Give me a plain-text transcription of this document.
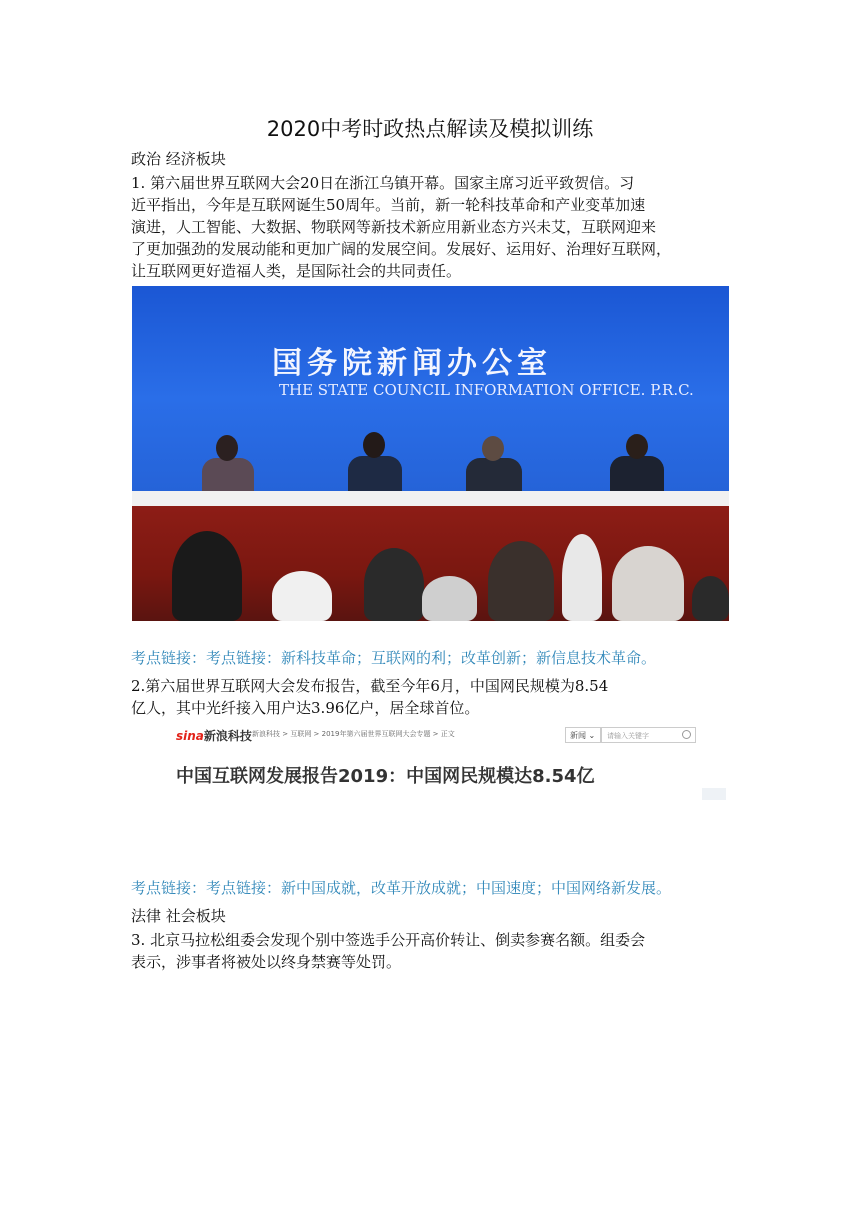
2020中考时政热点解读及模拟训练
政治 经济板块
1. 第六届世界互联网大会20日在浙江乌镇开幕。国家主席习近平致贺信。习
近平指出，今年是互联网诞生50周年。当前，新一轮科技革命和产业变革加速
演进，人工智能、大数据、物联网等新技术新应用新业态方兴未艾，互联网迎来
了更加强劲的发展动能和更加广阔的发展空间。发展好、运用好、治理好互联网，
让互联网更好造福人类，是国际社会的共同责任。
国务院新闻办公室
THE STATE COUNCIL INFORMATION OFFICE. P.R.C.
考点链接：考点链接：新科技革命；互联网的利；改革创新；新信息技术革命。
2.第六届世界互联网大会发布报告，截至今年6月，中国网民规模为8.54
亿人，其中光纤接入用户达3.96亿户，居全球首位。
sina新浪科技 新浪科技 > 互联网 > 2019年第六届世界互联网大会专题 > 正文	新闻 ⌄	请输入关键字
中国互联网发展报告2019：中国网民规模达8.54亿
考点链接：考点链接：新中国成就，改革开放成就；中国速度；中国网络新发展。
法律 社会板块
3. 北京马拉松组委会发现个别中签选手公开高价转让、倒卖参赛名额。组委会
表示，涉事者将被处以终身禁赛等处罚。
